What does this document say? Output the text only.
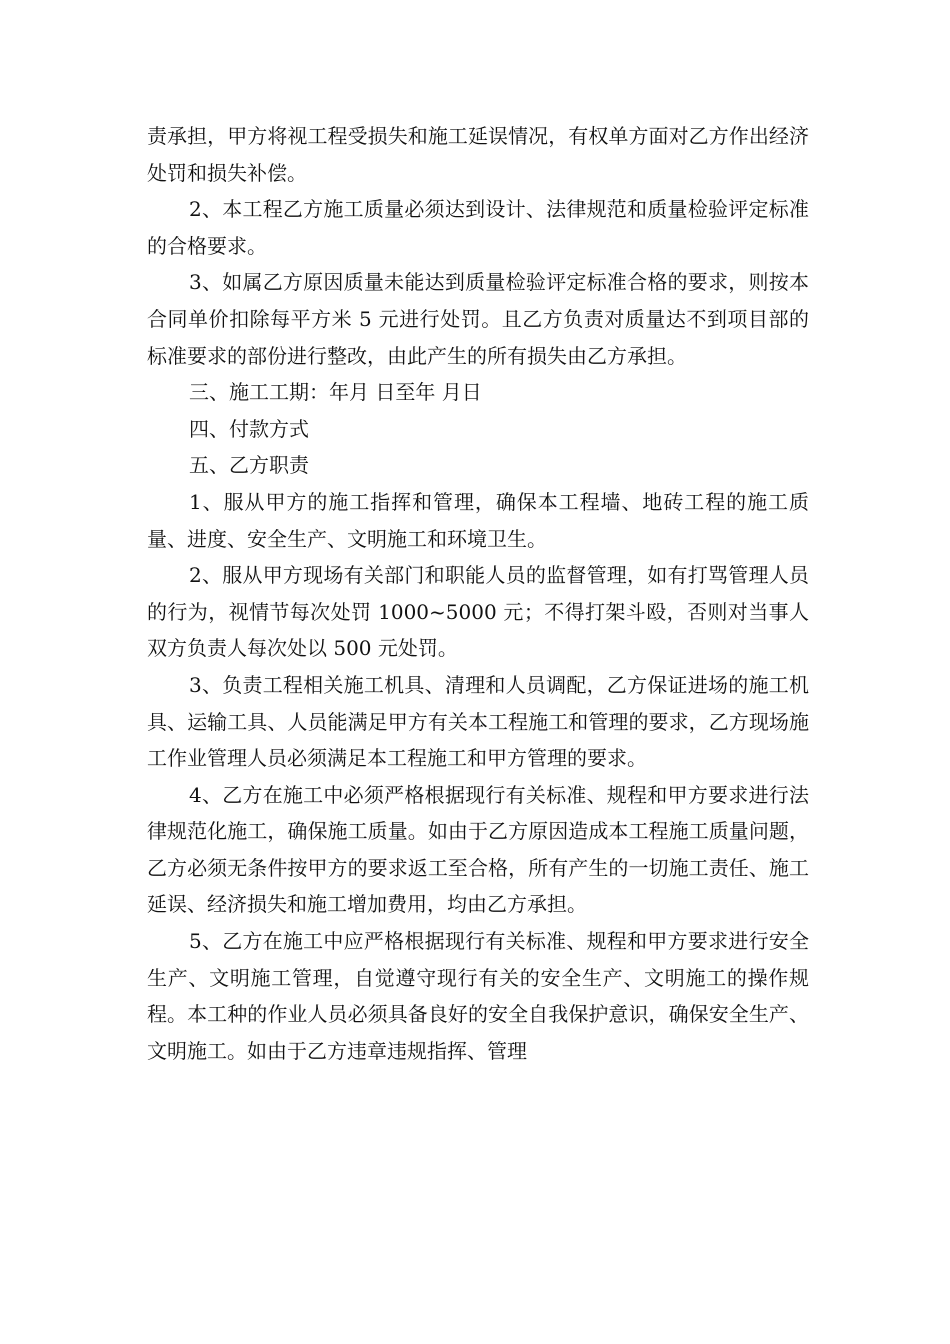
责承担，甲方将视工程受损失和施工延误情况，有权单方面对乙方作出经济处罚和损失补偿。

2、本工程乙方施工质量必须达到设计、法律规范和质量检验评定标准的合格要求。

3、如属乙方原因质量未能达到质量检验评定标准合格的要求，则按本合同单价扣除每平方米 5 元进行处罚。且乙方负责对质量达不到项目部的标准要求的部份进行整改，由此产生的所有损失由乙方承担。

三、施工工期：年月 日至年 月日

四、付款方式

五、乙方职责

1、服从甲方的施工指挥和管理，确保本工程墙、地砖工程的施工质量、进度、安全生产、文明施工和环境卫生。

2、服从甲方现场有关部门和职能人员的监督管理，如有打骂管理人员的行为，视情节每次处罚 1000~5000 元；不得打架斗殴，否则对当事人双方负责人每次处以 500 元处罚。

3、负责工程相关施工机具、清理和人员调配，乙方保证进场的施工机具、运输工具、人员能满足甲方有关本工程施工和管理的要求，乙方现场施工作业管理人员必须满足本工程施工和甲方管理的要求。

4、乙方在施工中必须严格根据现行有关标准、规程和甲方要求进行法律规范化施工，确保施工质量。如由于乙方原因造成本工程施工质量问题，乙方必须无条件按甲方的要求返工至合格，所有产生的一切施工责任、施工延误、经济损失和施工增加费用，均由乙方承担。

5、乙方在施工中应严格根据现行有关标准、规程和甲方要求进行安全生产、文明施工管理，自觉遵守现行有关的安全生产、文明施工的操作规程。本工种的作业人员必须具备良好的安全自我保护意识，确保安全生产、文明施工。如由于乙方违章违规指挥、管理
